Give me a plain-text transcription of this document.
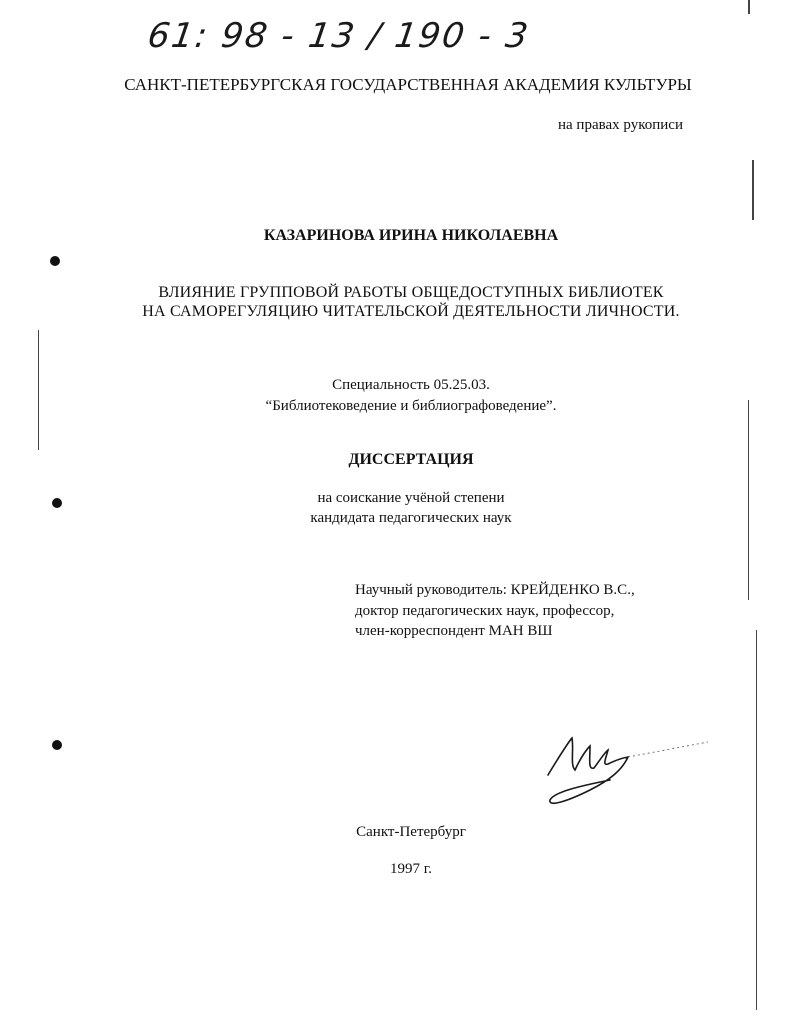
61: 98 - 13 / 190 - 3
САНКТ-ПЕТЕРБУРГСКАЯ ГОСУДАРСТВЕННАЯ АКАДЕМИЯ КУЛЬТУРЫ
на правах рукописи
КАЗАРИНОВА ИРИНА НИКОЛАЕВНА
ВЛИЯНИЕ ГРУППОВОЙ РАБОТЫ ОБЩЕДОСТУПНЫХ БИБЛИОТЕК
НА САМОРЕГУЛЯЦИЮ ЧИТАТЕЛЬСКОЙ ДЕЯТЕЛЬНОСТИ ЛИЧНОСТИ.
Специальность 05.25.03.
“Библиотековедение и библиографоведение”.
ДИССЕРТАЦИЯ
на соискание учёной степени
кандидата педагогических наук
Научный руководитель: КРЕЙДЕНКО В.С.,
доктор педагогических наук, профессор,
член-корреспондент МАН ВШ
Санкт-Петербург
1997 г.
